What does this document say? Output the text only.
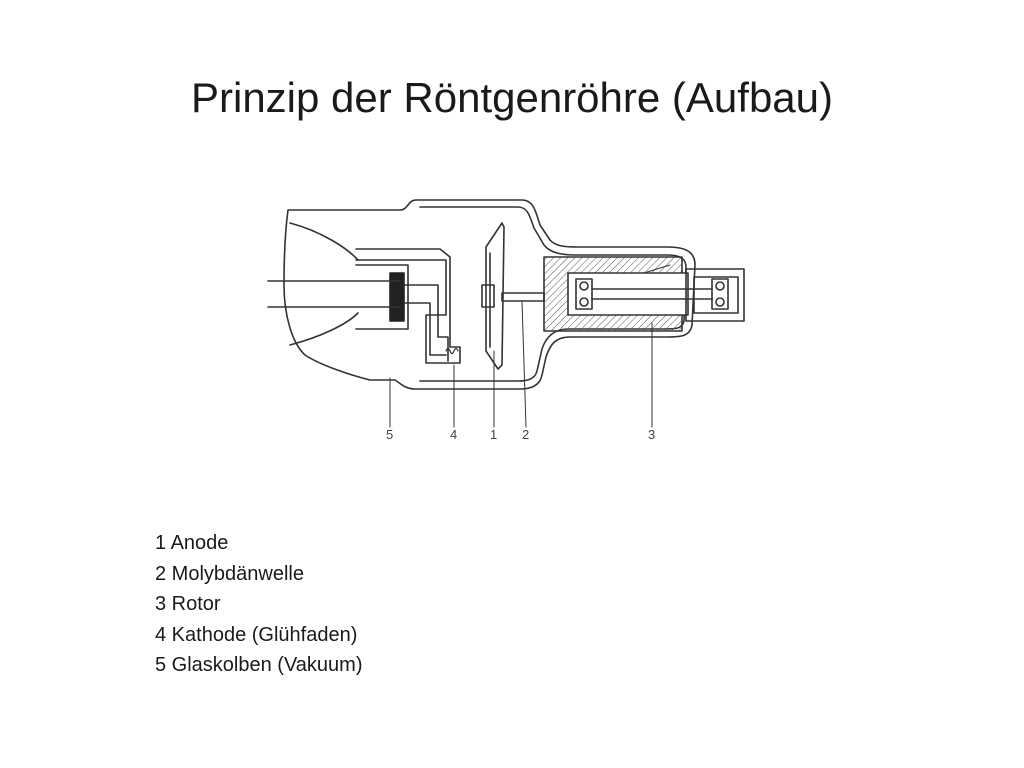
Prinzip der Röntgenröhre (Aufbau)
5	4	1 2	3
1 Anode
2 Molybdänwelle
3 Rotor
4 Kathode (Glühfaden)
5 Glaskolben (Vakuum)
